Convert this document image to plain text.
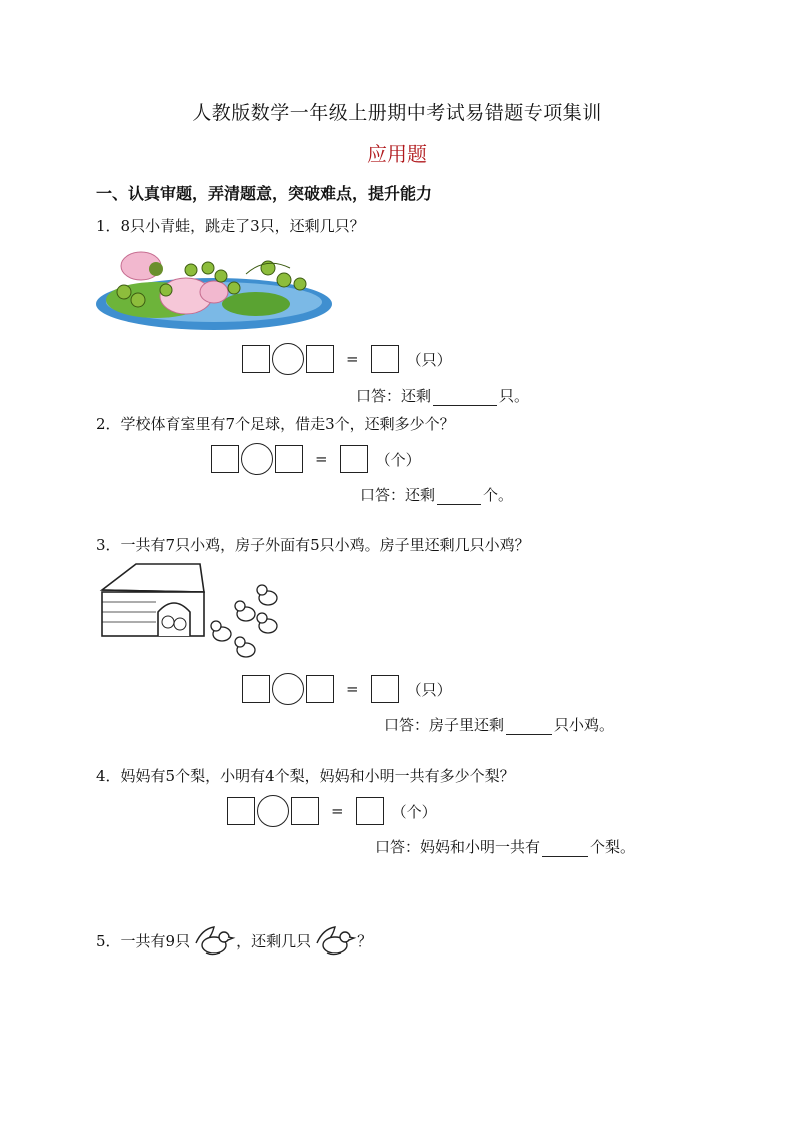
人教版数学一年级上册期中考试易错题专项集训
应用题
一、认真审题，弄清题意，突破难点，提升能力
1．8只小青蛙，跳走了3只，还剩几只？
=	（只）
口答：还剩	只。
2．学校体育室里有7个足球，借走3个，还剩多少个？
=	（个）
口答：还剩	个。
3．一共有7只小鸡，房子外面有5只小鸡。房子里还剩几只小鸡？
=	（只）
口答：房子里还剩	只小鸡。
4．妈妈有5个梨，小明有4个梨，妈妈和小明一共有多少个梨？
=	（个）
口答：妈妈和小明一共有	个梨。
5． 一共有9只	，还剩几只	？
